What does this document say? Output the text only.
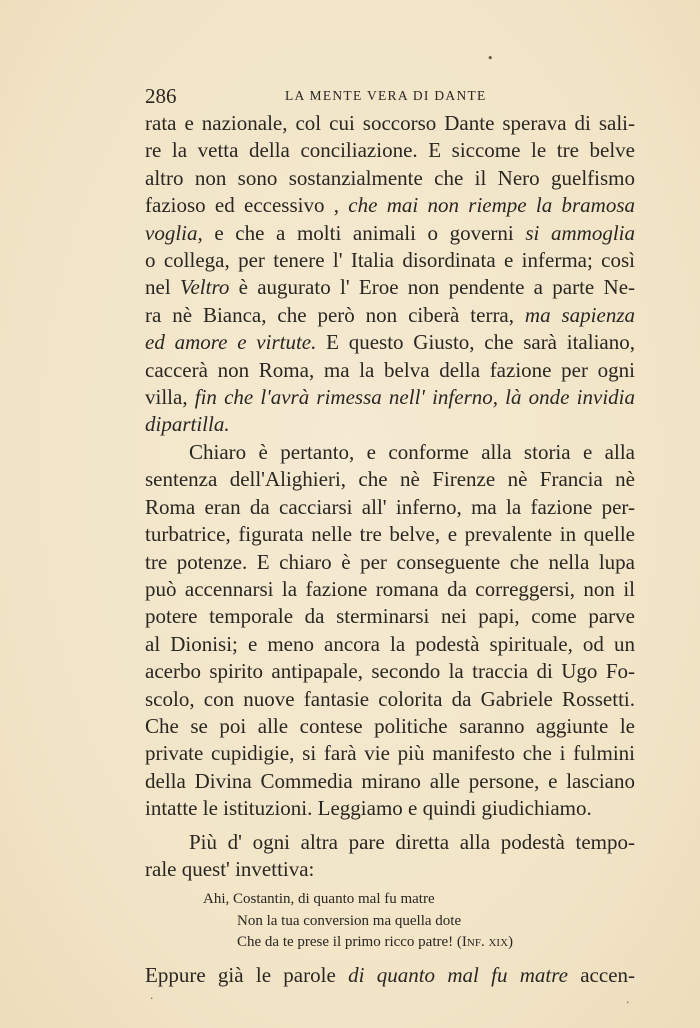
286	LA MENTE VERA DI DANTE
rata e nazionale, col cui soccorso Dante sperava di sali-
re la vetta della conciliazione. E siccome le tre belve
altro non sono sostanzialmente che il Nero guelfismo
fazioso ed eccessivo , che mai non riempe la bramosa
voglia, e che a molti animali o governi si ammoglia
o collega, per tenere l' Italia disordinata e inferma; così
nel Veltro è augurato l' Eroe non pendente a parte Ne-
ra nè Bianca, che però non ciberà terra, ma sapienza
ed amore e virtute. E questo Giusto, che sarà italiano,
caccerà non Roma, ma la belva della fazione per ogni
villa, fin che l'avrà rimessa nell' inferno, là onde invidia
dipartilla.
Chiaro è pertanto, e conforme alla storia e alla
sentenza dell'Alighieri, che nè Firenze nè Francia nè
Roma eran da cacciarsi all' inferno, ma la fazione per-
turbatrice, figurata nelle tre belve, e prevalente in quelle
tre potenze. E chiaro è per conseguente che nella lupa
può accennarsi la fazione romana da correggersi, non il
potere temporale da sterminarsi nei papi, come parve
al Dionisi; e meno ancora la podestà spirituale, od un
acerbo spirito antipapale, secondo la traccia di Ugo Fo-
scolo, con nuove fantasie colorita da Gabriele Rossetti.
Che se poi alle contese politiche saranno aggiunte le
private cupidigie, si farà vie più manifesto che i fulmini
della Divina Commedia mirano alle persone, e lasciano
intatte le istituzioni. Leggiamo e quindi giudichiamo.
Più d' ogni altra pare diretta alla podestà tempo-
rale quest' invettiva:
Ahi, Costantin, di quanto mal fu matre
Non la tua conversion ma quella dote
Che da te prese il primo ricco patre! (Inf. xix)
Eppure già le parole di quanto mal fu matre accen-
•
·	·
